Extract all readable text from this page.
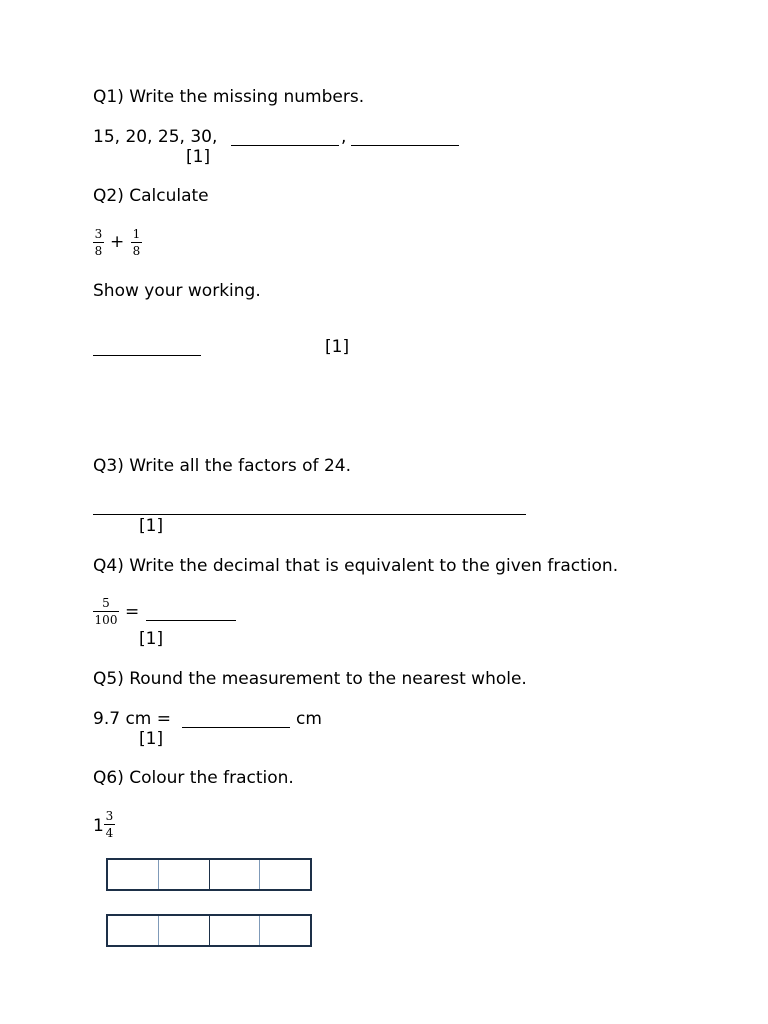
Q1) Write the missing numbers.
15, 20, 25, 30,	,
[1]
Q2) Calculate
3
8 + 1
8
Show your working.
[1]
Q3) Write all the factors of 24.
[1]
Q4) Write the decimal that is equivalent to the given fraction.
5
100 =
[1]
Q5) Round the measurement to the nearest whole.
9.7 cm =	cm
[1]
Q6) Colour the fraction.
1 3
4
